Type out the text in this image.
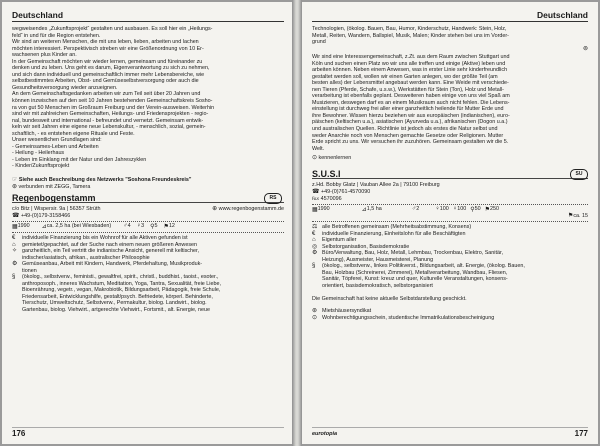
Deutschland

wegweisendes „Zukunftsprojekt“ gestalten und ausbauen. Es soll hier ein „Heilungs-

feld“ in und für die Region entstehen.

Wir sind an weiteren Menschen, die mit uns leben, lieben, arbeiten und lachen

möchten interessiert. Perspektivisch streben wir eine Größenordnung von 10 Er-

wachsenen plus Kinder an.

In der Gemeinschaft möchten wir wieder lernen, gemeinsam und füreinander zu

denken und zu leben. Uns geht es darum, Eigenverantwortung zu sich zu nehmen,

und sich dann individuell und gemeinschaftlich immer mehr Lebensbereiche, wie

selbstbestimmtes Arbeiten, Obst- und Gemüseselbstversorgung oder auch die

Gesundheitsversorgung wieder anzueignen.

An dem Gemeinschaftsgedanken arbeiten wir zum Teil seit über 20 Jahren und

können inzwischen auf den seit 10 Jahren bestehenden Gemeinschaftskreis Sosho-

ra von gut 50 Menschen im Großraum Freiburg und der Verein-ausweisen. Weiterhin

sind wir mit zahlreichen Gemeinschaften, Heilungs- und Friedensprojekten - regio-

nal, bundesweit und international - befreundet und vernetzt. Gemeinsam entwik-

keln wir seit Jahren eine eigene neue Lebenskultur, - menschlich, sozial, gemein-

schaftlich, - es entstehen eigene Rituale und Feste.

Unser wesentlichen Grundlagen sind:

- Gemeinsames-Leben und Arbeiten

- Heilung - Heilerhaus

- Leben im Einklang mit der Natur und den Jahreszyklen

- Kinder/Zukunftsprojekt

☞ Siehe auch Beschreibung des Netzwerks "Soshona Freundeskreis"
⊛ verbunden mit ZEGG, Tamera
Regenbogenstamm	RS
c/o Bitz | Wispersir. 9a | 56357 Strüth	⊕ www.regenbogenstamm.de
☎ +49-(0)179-3158466
▦ 1990 ⊿ ca. 2,5 ha (bei Wiesbaden) ♂ 4 ♀ 3 ⚲ 5 ⚑ 12
€	individuelle Finanzierung bis ein Wohnrof für alle Aktiven gefunden ist
⌂	gemietet/gepachtet, auf der Suche nach einem neuen größeren Anwesen
✧ ganzheitlich, ein Teil vertritt die indianische Ansicht, generell mit keltischer,
indischer/asiatisch, afrikan., australischer Philosophie
⚙ Gemüseanbau, Arbeit mit Kindern, Handwerk, Pferdehaltung, Musikproduk-
tionen
§	(ökolog., selbstverw., feministi., gewaltfrei, spirit., christl., buddhist., taoist., esoter.,
anthroposoph., inneres Wachstum, Meditation, Yoga, Tantra, Sexualität, freie Liebe,
Bioenrährung, vegetr., vegan, Makrobiotik, Bildungsarbeit, Pädagogik, freie Schule,
Friedensarbeit, Entwicklungshilfe, gestalt/psych. Befriedete, körperl. Behinderte,
Tierschutz, Umweltschutz, Selbstverw., Permakultur, biolog. Landwirt., biolog.
Gartenbau, biolog. Viehwirt., artgerechte Viehwirt., Fortsmit., alt. Energie, neue
176
Deutschland

Technologien, (ökolog. Bauen, Bau, Humor, Kinderschutz, Handwerk: Stein, Holz,

Metall, Reiten, Wandern, Ballspiel, Musik, Malen; Kinder stehen bei uns im Vorder-

grund

⊚

Wir sind eine Interessengemeinschaft, z.Zt. aus dem Raum zwischen Stuttgart und

Köln und suchen einen Platz wo wir uns alle treffen und einige (Aktive) leben und

arbeiten können. Neben einem Anwesen, was in erster Linie sehr kinderfreundlich

gestaltet werden soll, wollen wir einen Garten anlegen, wo der größte Teil (am

besten alles) der Lebensmittel angebaut werden kann. Eine Weide mit verschiede-

nen Tieren (Pferde, Schafe, u.s.w.), Werkstätten für Stein (Ton), Holz und Metall-

verarbeitung ist ebenfalls geplant. Desweiteren haben einige von uns viel Spaß am

Musizieren, deswegen darf es an einem Musikraum auch nicht fehlen. Die Lebens-

einstellung ist durchweg frei aller einer ganzheitlich heilende für Mutter Erde und

ihre Bewohner. Wissen hierzu beziehen wir aus europäischen (indianischen), euro-

päischen (keltischen u.a.), asiatischen (Ayurveda u.a.), afrikanischen (Dogon u.a.)

und australischen Quellen. Richtlinie ist jedoch als erstes die Natur selbst und

weder Anarchie noch von Menschen gemachte Gesetze oder Religionen. Mutter

Erde spricht zu uns. Wir versuchen ihr zuzuhören. Gemeinsam gestalten wir die 5.

Welt.

⊙ kennenlernen
S.U.S.I	SU
z.Hd. Bobby Glatz | Vauban Allee 2a | 79100 Freiburg
☎ +49-(0)761-4570090
℻ 4570096
▦ 1990	⊿ 1,5 ha	♂ 2	♀ 100 ♀ 100 ⚲ 50 ⚑ 250
⚑ca. 15
⚖ alle Betroffenen gemeinsam (Mehrheitsabstimmung, Konsens)
€	individuelle Finanzierung, Einheitslohn für alle Beschäftigten
⌂	Eigentum aller
◎ Selbstorganisation, Basisdemokratie
⚙ Büro/Verwaltung, Bau, Holz, Metall, Lehmbau, Trockenbau, Elektro, Sanitär,
Heizung), Ausmeister, Hausmeisterei, Planung
§	(ökolog., selbstverw., linkes Politikverst., Bildungsarbeit, alt. Energie, (ökolog. Bauen,
Bau, Holzbau (Schreinerei, Zimmerei), Metallverarbeitung, Wandbau, Fliesen,
Sanitär, Töpferei, Kunst: kreuz und quer, Kulturelle Veranstaltungen, konsens-
orientiert, basisdemokratisch, selbstorganisiert
Die Gemeinschaft hat keine aktuelle Selbstdarstellung geschickt.
⊛ Mietshäusersyndikat
⊙ Wohnberechtigungsschein, studentische Immatrikulationsbescheinigung
eurotopia	177
